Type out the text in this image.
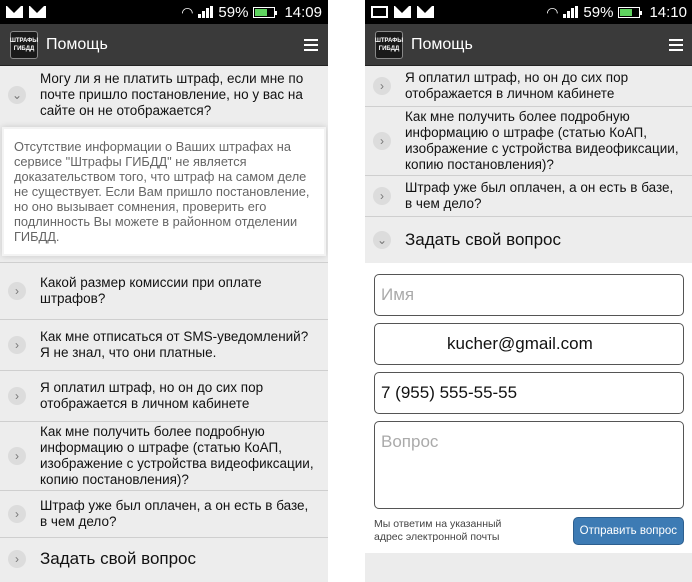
◠ 59% 14:09
ШТРАФЫ
ГИБДД Помощь
⌄
Могу ли я не платить штраф, если мне по почте пришло постановление, но у вас на сайте он не отображается?
Отсутствие информации о Ваших штрафах на сервисе "Штрафы ГИБДД" не является доказательством того, что штраф на самом деле не существует. Если Вам пришло постановление, но оно вызывает сомнения, проверить его подлинность Вы можете в районном отделении ГИБДД.
›
Какой размер комиссии при оплате штрафов?
›
Как мне отписаться от SMS-уведомлений? Я не знал, что они платные.
›
Я оплатил штраф, но он до сих пор отображается в личном кабинете
›
Как мне получить более подробную информацию о штрафе (статью КоАП, изображение с устройства видеофиксации, копию постановления)?
›
Штраф уже был оплачен, а он есть в базе, в чем дело?
›	Задать свой вопрос
◠ 59% 14:10
ШТРАФЫ
ГИБДД Помощь
›
Я оплатил штраф, но он до сих пор отображается в личном кабинете
›
Как мне получить более подробную информацию о штрафе (статью КоАП, изображение с устройства видеофиксации, копию постановления)?
›
Штраф уже был оплачен, а он есть в базе, в чем дело?
⌄ Задать свой вопрос
Имя
kucher@gmail.com
7 (955) 555-55-55
Вопрос
Мы ответим на указанный адрес электронной почты	Отправить вопрос
